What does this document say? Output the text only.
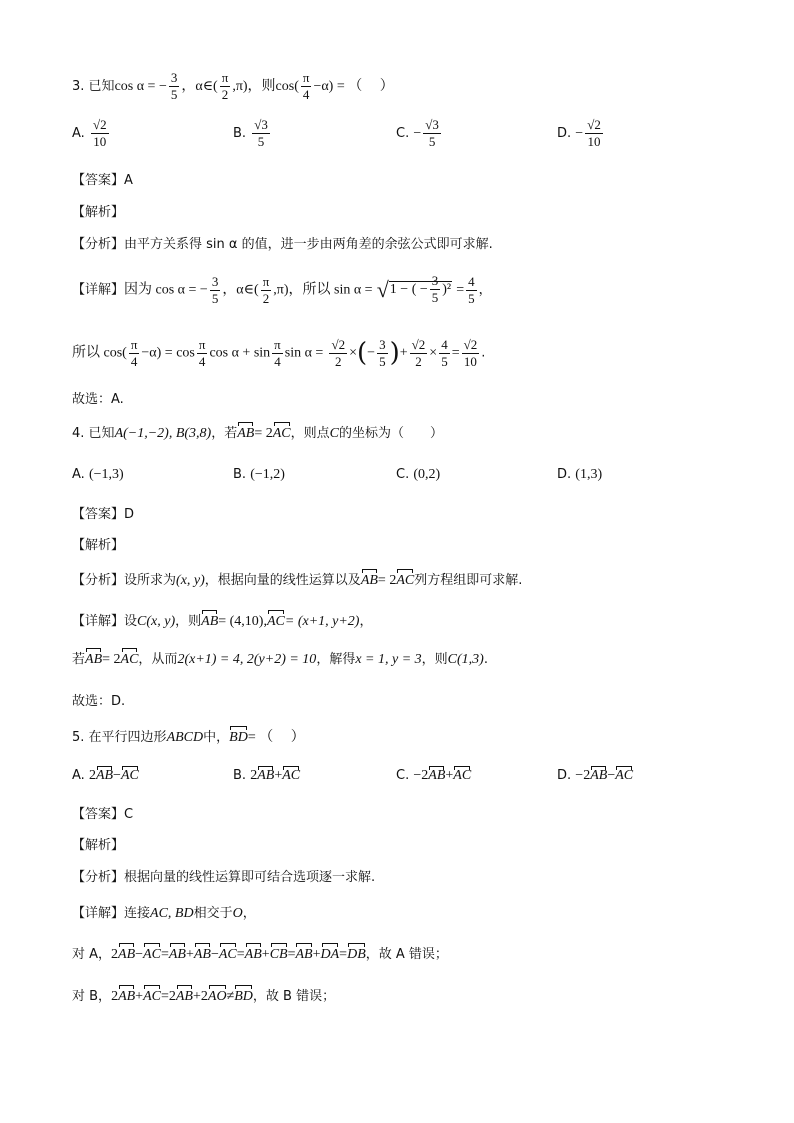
3. 已知cos α = − $\frac{3}{5}$ ，α∈( $\frac{\pi}{2} ,\pi$)，则$\cos( \frac{\pi}{4} -\alpha)$ = （　 ）
A. $\frac{√2}{10}$	B. $\frac{√3}{5}$	C. − $\frac{√3}{5}$	D. − $\frac{√2}{10}$
【答案】A
【解析】
【分析】由平方关系得 sin α 的值，进一步由两角差的余弦公式即可求解.
【详解】因为 cos α = − $\frac{3}{5}$ ，α∈( $\frac{\pi}{2} ,\pi$)，所以 sin α = √1 − ( − $\frac{3}{5} )^2 = \frac{4}{5}$ ，
所以 $\cos( \frac{\pi}{4} -\alpha) = \cos \frac{\pi}{4}$ $\cos \alpha + \sin \frac{\pi}{4}$ $\sin \alpha = \frac{√2}{2}$ ×(− $\frac{3}{5}$ )+ $\frac{√2}{2} \times \frac{4}{5} = \frac{√2}{10}$ .
故选：A.
4. 已知A(−1,−2), B(3,8)，若AB= 2AC，则点C的坐标为（　　）
A. (−1,3)	B. (−1,2)	C. (0,2)	D. (1,3)
【答案】D
【解析】
【分析】设所求为(x, y)，根据向量的线性运算以及AB= 2AC列方程组即可求解.
【详解】设C(x, y)，则AB= (4,10),AC= (x+1, y+2)，
若AB= 2AC，从而2(x+1) = 4, 2(y+2) = 10，解得x = 1, y = 3，则C(1,3).
故选：D.
5. 在平行四边形ABCD中，BD= （　 ）
A. 2AB−AC	B. 2AB+AC	C. −2AB+AC	D. −2AB−AC
【答案】C
【解析】
【分析】根据向量的线性运算即可结合选项逐一求解.
【详解】连接AC, BD相交于O，
对 A，2AB−AC=AB+AB−AC=AB+CB=AB+DA=DB，故 A 错误；
对 B，2AB+AC=2AB+2AO≠BD，故 B 错误；
